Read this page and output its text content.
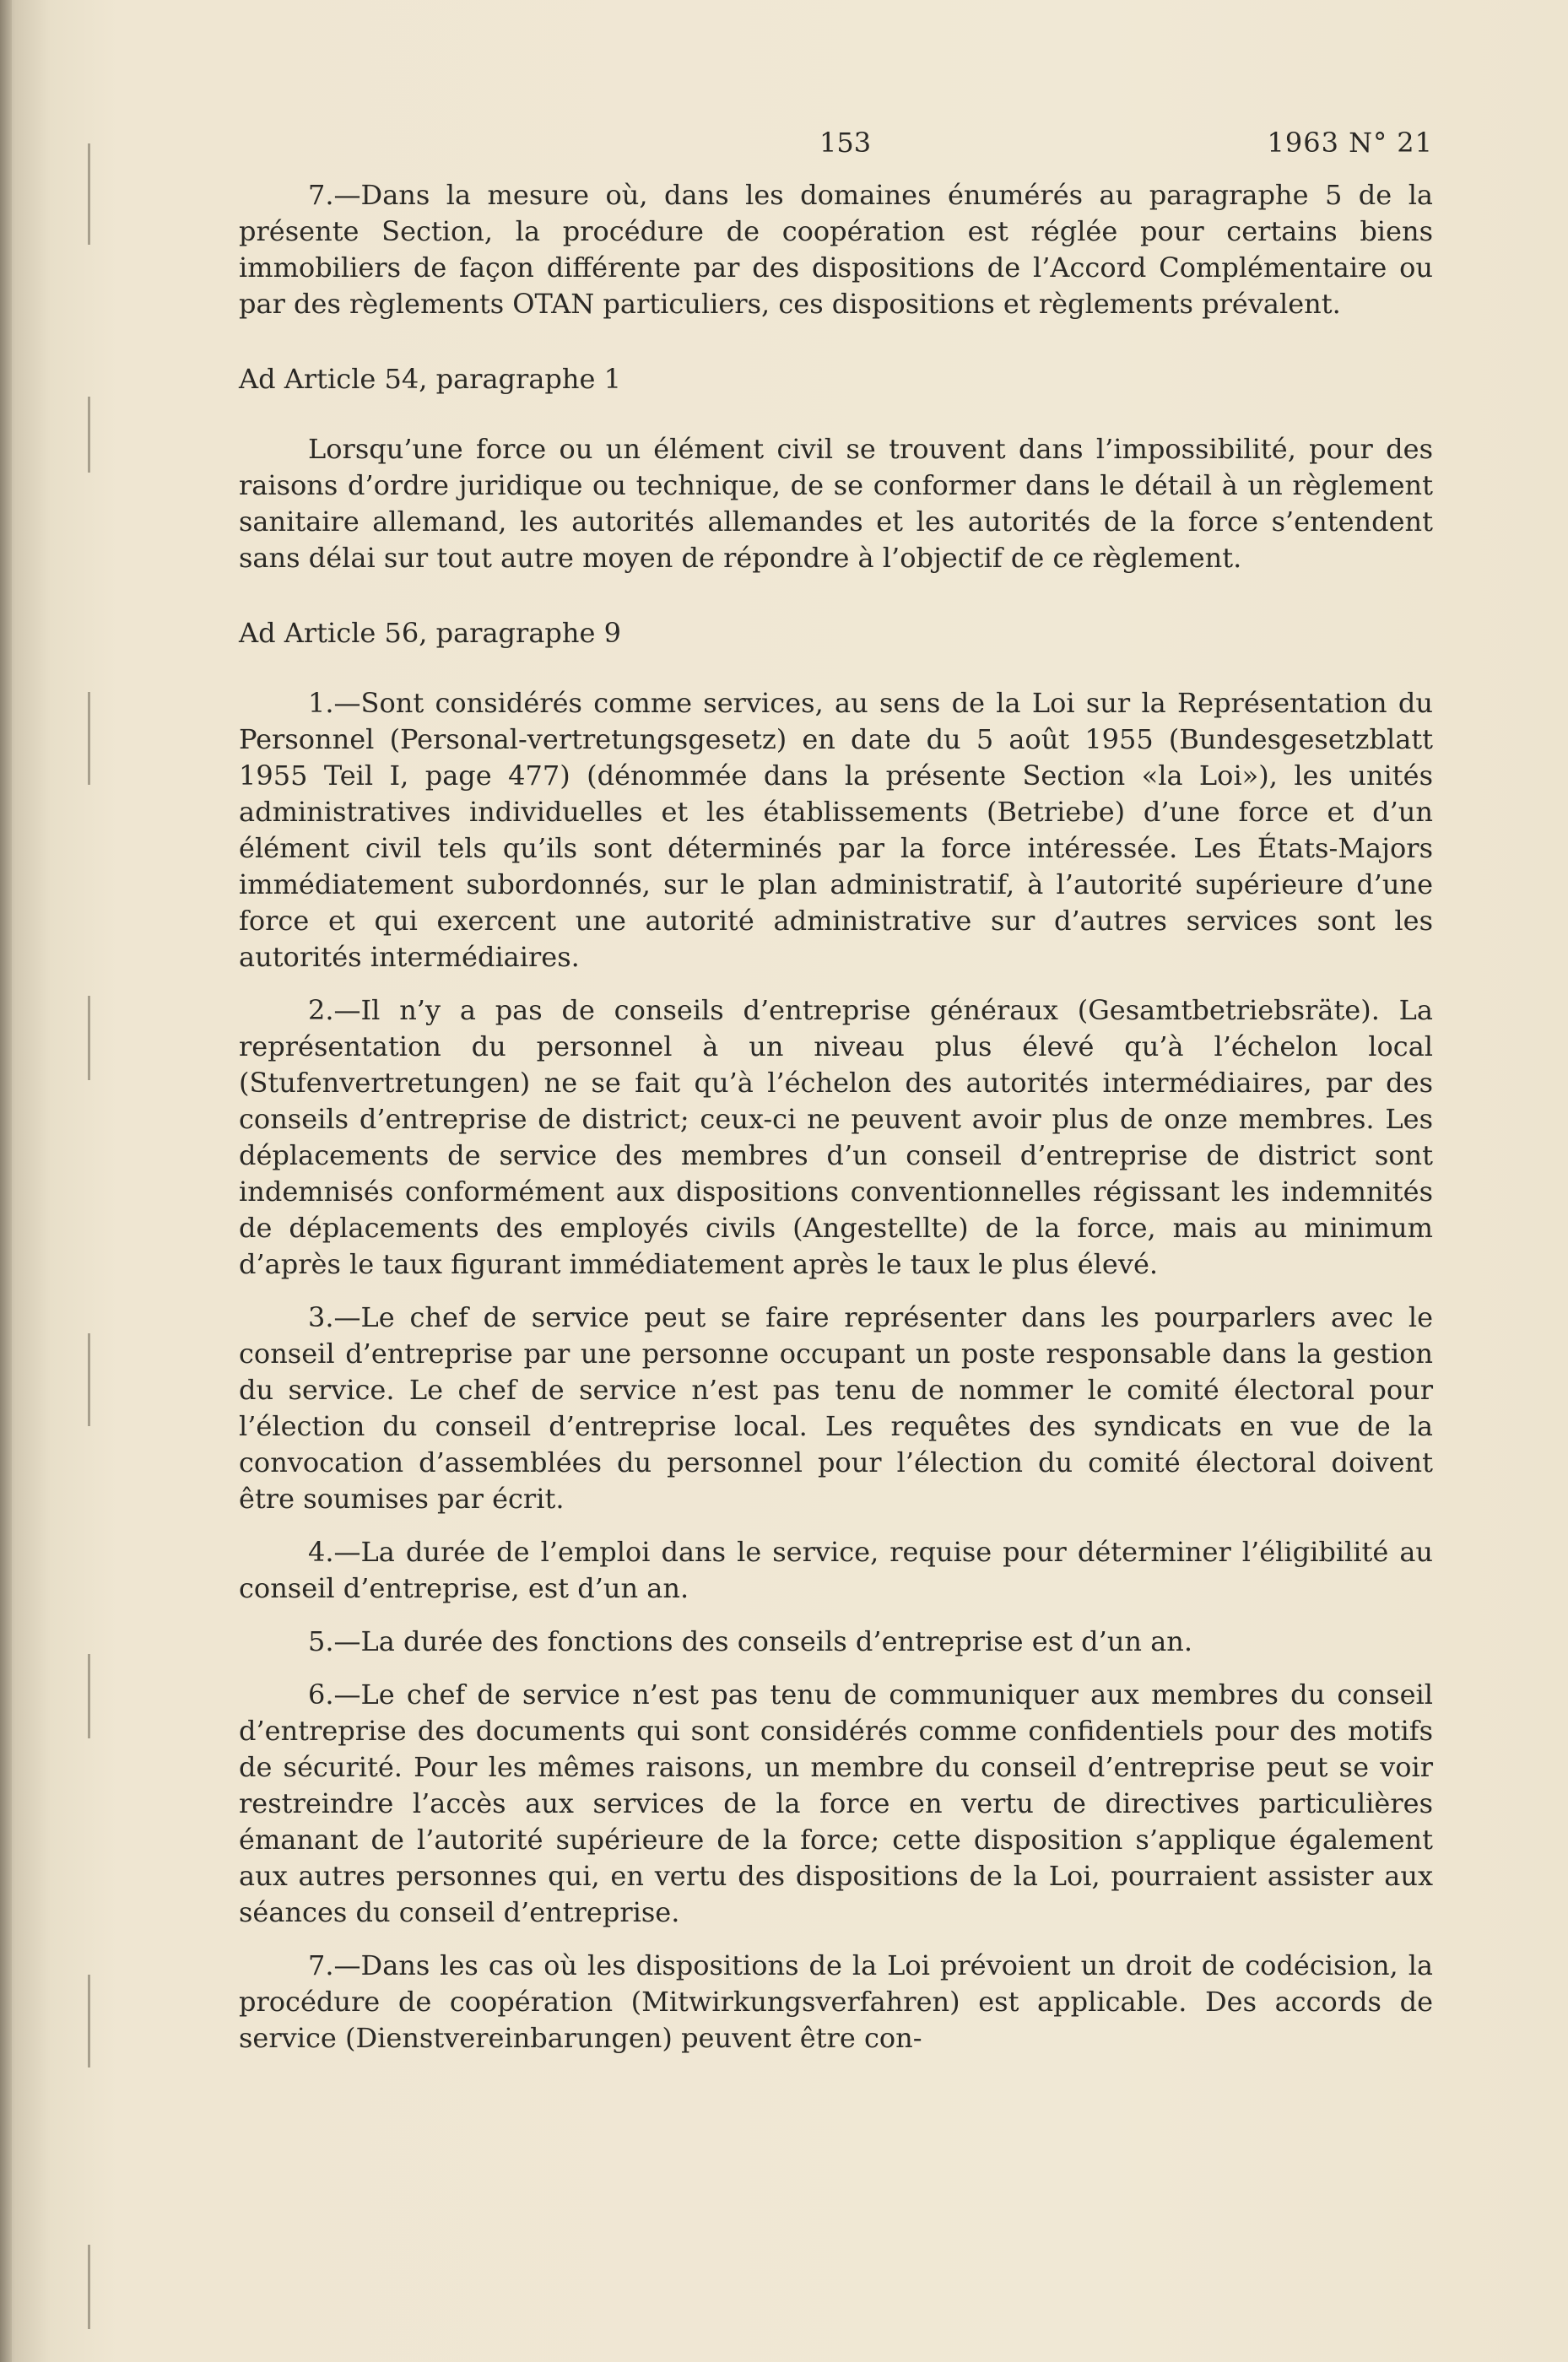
153	1963 N° 21

7.—Dans la mesure où, dans les domaines énumérés au paragraphe 5 de la présente Section, la procédure de coopération est réglée pour certains biens immobiliers de façon différente par des dispositions de l’Accord Complémentaire ou par des règlements OTAN particuliers, ces dispositions et règlements prévalent.

Ad Article 54, paragraphe 1

Lorsqu’une force ou un élément civil se trouvent dans l’impossibilité, pour des raisons d’ordre juridique ou technique, de se conformer dans le détail à un règlement sanitaire allemand, les autorités allemandes et les autorités de la force s’entendent sans délai sur tout autre moyen de répondre à l’objectif de ce règlement.

Ad Article 56, paragraphe 9

1.—Sont considérés comme services, au sens de la Loi sur la Représentation du Personnel (Personal-vertretungsgesetz) en date du 5 août 1955 (Bundesgesetzblatt 1955 Teil I, page 477) (dénommée dans la présente Section «la Loi»), les unités administratives individuelles et les établissements (Betriebe) d’une force et d’un élément civil tels qu’ils sont déterminés par la force intéressée. Les États-Majors immédiatement subordonnés, sur le plan administratif, à l’autorité supérieure d’une force et qui exercent une autorité administrative sur d’autres services sont les autorités intermédiaires.

2.—Il n’y a pas de conseils d’entreprise généraux (Gesamtbetriebsräte). La représentation du personnel à un niveau plus élevé qu’à l’échelon local (Stufenvertretungen) ne se fait qu’à l’échelon des autorités intermédiaires, par des conseils d’entreprise de district; ceux-ci ne peuvent avoir plus de onze membres. Les déplacements de service des membres d’un conseil d’entreprise de district sont indemnisés conformément aux dispositions conventionnelles régissant les indemnités de déplacements des employés civils (Angestellte) de la force, mais au minimum d’après le taux figurant immédiatement après le taux le plus élevé.

3.—Le chef de service peut se faire représenter dans les pourparlers avec le conseil d’entreprise par une personne occupant un poste responsable dans la gestion du service. Le chef de service n’est pas tenu de nommer le comité électoral pour l’élection du conseil d’entreprise local. Les requêtes des syndicats en vue de la convocation d’assemblées du personnel pour l’élection du comité électoral doivent être soumises par écrit.

4.—La durée de l’emploi dans le service, requise pour déterminer l’éligibilité au conseil d’entreprise, est d’un an.

5.—La durée des fonctions des conseils d’entreprise est d’un an.

6.—Le chef de service n’est pas tenu de communiquer aux membres du conseil d’entreprise des documents qui sont considérés comme confidentiels pour des motifs de sécurité. Pour les mêmes raisons, un membre du conseil d’entreprise peut se voir restreindre l’accès aux services de la force en vertu de directives particulières émanant de l’autorité supérieure de la force; cette disposition s’applique également aux autres personnes qui, en vertu des dispositions de la Loi, pourraient assister aux séances du conseil d’entreprise.

7.—Dans les cas où les dispositions de la Loi prévoient un droit de codécision, la procédure de coopération (Mitwirkungsverfahren) est applicable. Des accords de service (Dienstvereinbarungen) peuvent être con-
